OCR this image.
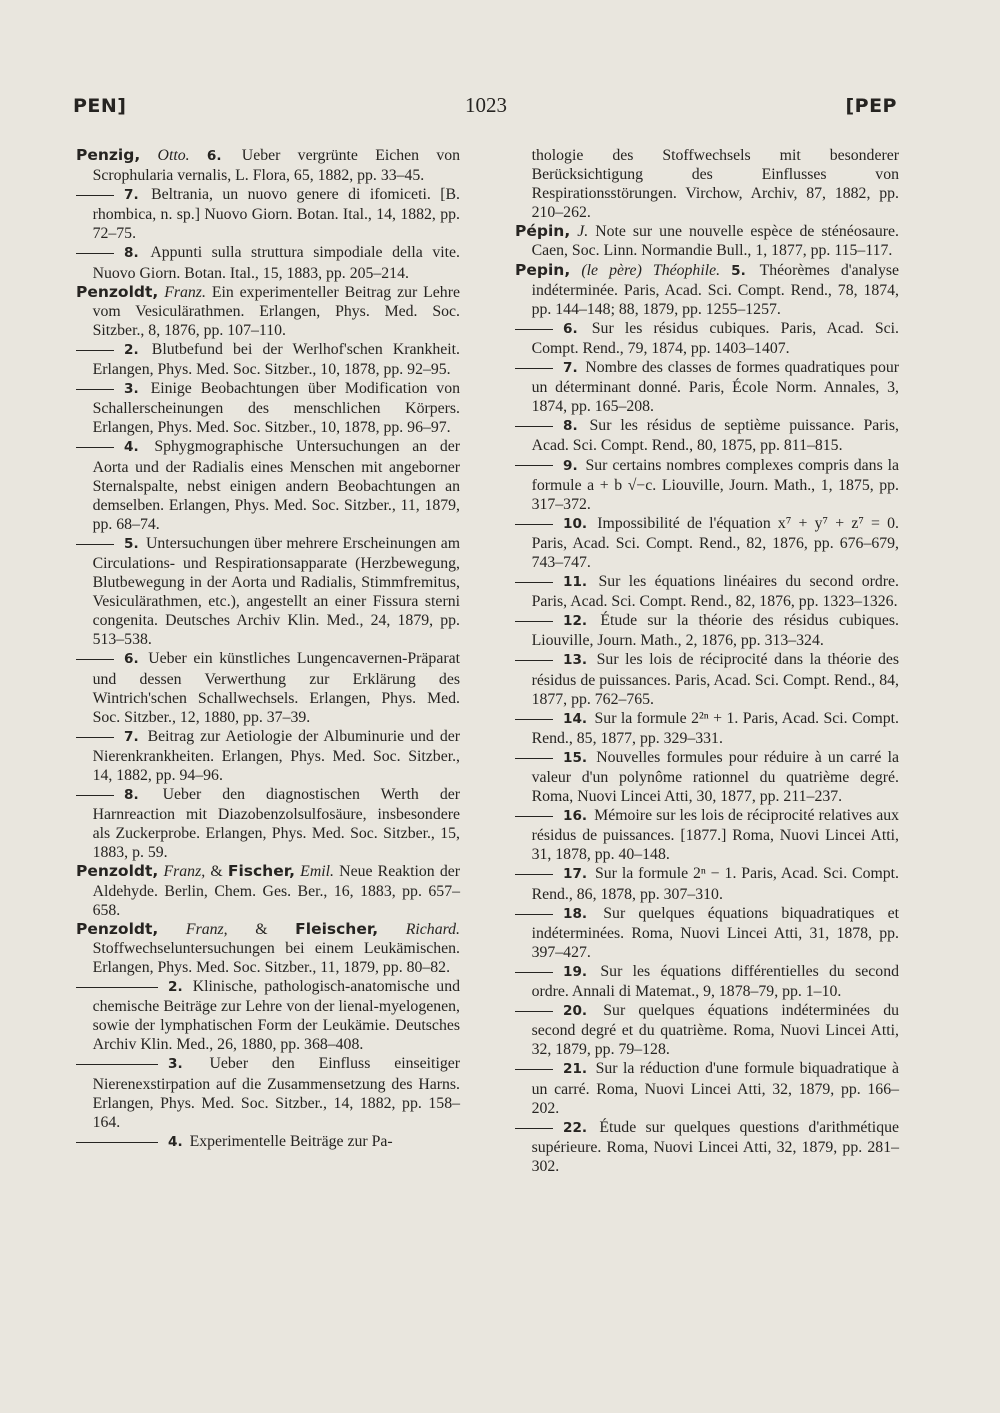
PEN]	1023	[PEP

Penzig, Otto. 6. Ueber vergrünte Eichen von Scrophularia vernalis, L. Flora, 65, 1882, pp. 33–45.

7. Beltrania, un nuovo genere di ifomiceti. [B. rhombica, n. sp.] Nuovo Giorn. Botan. Ital., 14, 1882, pp. 72–75.

8. Appunti sulla struttura simpodiale della vite. Nuovo Giorn. Botan. Ital., 15, 1883, pp. 205–214.

Penzoldt, Franz. Ein experimenteller Beitrag zur Lehre vom Vesiculärathmen. Erlangen, Phys. Med. Soc. Sitzber., 8, 1876, pp. 107–110.

2. Blutbefund bei der Werlhof'schen Krankheit. Erlangen, Phys. Med. Soc. Sitzber., 10, 1878, pp. 92–95.

3. Einige Beobachtungen über Modification von Schallerscheinungen des menschlichen Körpers. Erlangen, Phys. Med. Soc. Sitzber., 10, 1878, pp. 96–97.

4. Sphygmographische Untersuchungen an der Aorta und der Radialis eines Menschen mit angeborner Sternalspalte, nebst einigen andern Beobachtungen an demselben. Erlangen, Phys. Med. Soc. Sitzber., 11, 1879, pp. 68–74.

5. Untersuchungen über mehrere Erscheinungen am Circulations- und Respirationsapparate (Herzbewegung, Blutbewegung in der Aorta und Radialis, Stimmfremitus, Vesiculärathmen, etc.), angestellt an einer Fissura sterni congenita. Deutsches Archiv Klin. Med., 24, 1879, pp. 513–538.

6. Ueber ein künstliches Lungencavernen-Präparat und dessen Verwerthung zur Erklärung des Wintrich'schen Schallwechsels. Erlangen, Phys. Med. Soc. Sitzber., 12, 1880, pp. 37–39.

7. Beitrag zur Aetiologie der Albuminurie und der Nierenkrankheiten. Erlangen, Phys. Med. Soc. Sitzber., 14, 1882, pp. 94–96.

8. Ueber den diagnostischen Werth der Harnreaction mit Diazobenzolsulfosäure, insbesondere als Zuckerprobe. Erlangen, Phys. Med. Soc. Sitzber., 15, 1883, p. 59.

Penzoldt, Franz, & Fischer, Emil. Neue Reaktion der Aldehyde. Berlin, Chem. Ges. Ber., 16, 1883, pp. 657–658.

Penzoldt, Franz, & Fleischer, Richard. Stoffwechseluntersuchungen bei einem Leukämischen. Erlangen, Phys. Med. Soc. Sitzber., 11, 1879, pp. 80–82.

2. Klinische, pathologisch-anatomische und chemische Beiträge zur Lehre von der lienal-myelogenen, sowie der lymphatischen Form der Leukämie. Deutsches Archiv Klin. Med., 26, 1880, pp. 368–408.

3. Ueber den Einfluss einseitiger Nierenexstirpation auf die Zusammensetzung des Harns. Erlangen, Phys. Med. Soc. Sitzber., 14, 1882, pp. 158–164.

4. Experimentelle Beiträge zur Pa-

thologie des Stoffwechsels mit besonderer Berücksichtigung des Einflusses von Respirationsstörungen. Virchow, Archiv, 87, 1882, pp. 210–262.

Pépin, J. Note sur une nouvelle espèce de sténéosaure. Caen, Soc. Linn. Normandie Bull., 1, 1877, pp. 115–117.

Pepin, (le père) Théophile. 5. Théorèmes d'analyse indéterminée. Paris, Acad. Sci. Compt. Rend., 78, 1874, pp. 144–148; 88, 1879, pp. 1255–1257.

6. Sur les résidus cubiques. Paris, Acad. Sci. Compt. Rend., 79, 1874, pp. 1403–1407.

7. Nombre des classes de formes quadratiques pour un déterminant donné. Paris, École Norm. Annales, 3, 1874, pp. 165–208.

8. Sur les résidus de septième puissance. Paris, Acad. Sci. Compt. Rend., 80, 1875, pp. 811–815.

9. Sur certains nombres complexes compris dans la formule a + b √−c. Liouville, Journ. Math., 1, 1875, pp. 317–372.

10. Impossibilité de l'équation x⁷ + y⁷ + z⁷ = 0. Paris, Acad. Sci. Compt. Rend., 82, 1876, pp. 676–679, 743–747.

11. Sur les équations linéaires du second ordre. Paris, Acad. Sci. Compt. Rend., 82, 1876, pp. 1323–1326.

12. Étude sur la théorie des résidus cubiques. Liouville, Journ. Math., 2, 1876, pp. 313–324.

13. Sur les lois de réciprocité dans la théorie des résidus de puissances. Paris, Acad. Sci. Compt. Rend., 84, 1877, pp. 762–765.

14. Sur la formule 2²ⁿ + 1. Paris, Acad. Sci. Compt. Rend., 85, 1877, pp. 329–331.

15. Nouvelles formules pour réduire à un carré la valeur d'un polynôme rationnel du quatrième degré. Roma, Nuovi Lincei Atti, 30, 1877, pp. 211–237.

16. Mémoire sur les lois de réciprocité relatives aux résidus de puissances. [1877.] Roma, Nuovi Lincei Atti, 31, 1878, pp. 40–148.

17. Sur la formule 2ⁿ − 1. Paris, Acad. Sci. Compt. Rend., 86, 1878, pp. 307–310.

18. Sur quelques équations biquadratiques et indéterminées. Roma, Nuovi Lincei Atti, 31, 1878, pp. 397–427.

19. Sur les équations différentielles du second ordre. Annali di Matemat., 9, 1878–79, pp. 1–10.

20. Sur quelques équations indéterminées du second degré et du quatrième. Roma, Nuovi Lincei Atti, 32, 1879, pp. 79–128.

21. Sur la réduction d'une formule biquadratique à un carré. Roma, Nuovi Lincei Atti, 32, 1879, pp. 166–202.

22. Étude sur quelques questions d'arithmétique supérieure. Roma, Nuovi Lincei Atti, 32, 1879, pp. 281–302.
